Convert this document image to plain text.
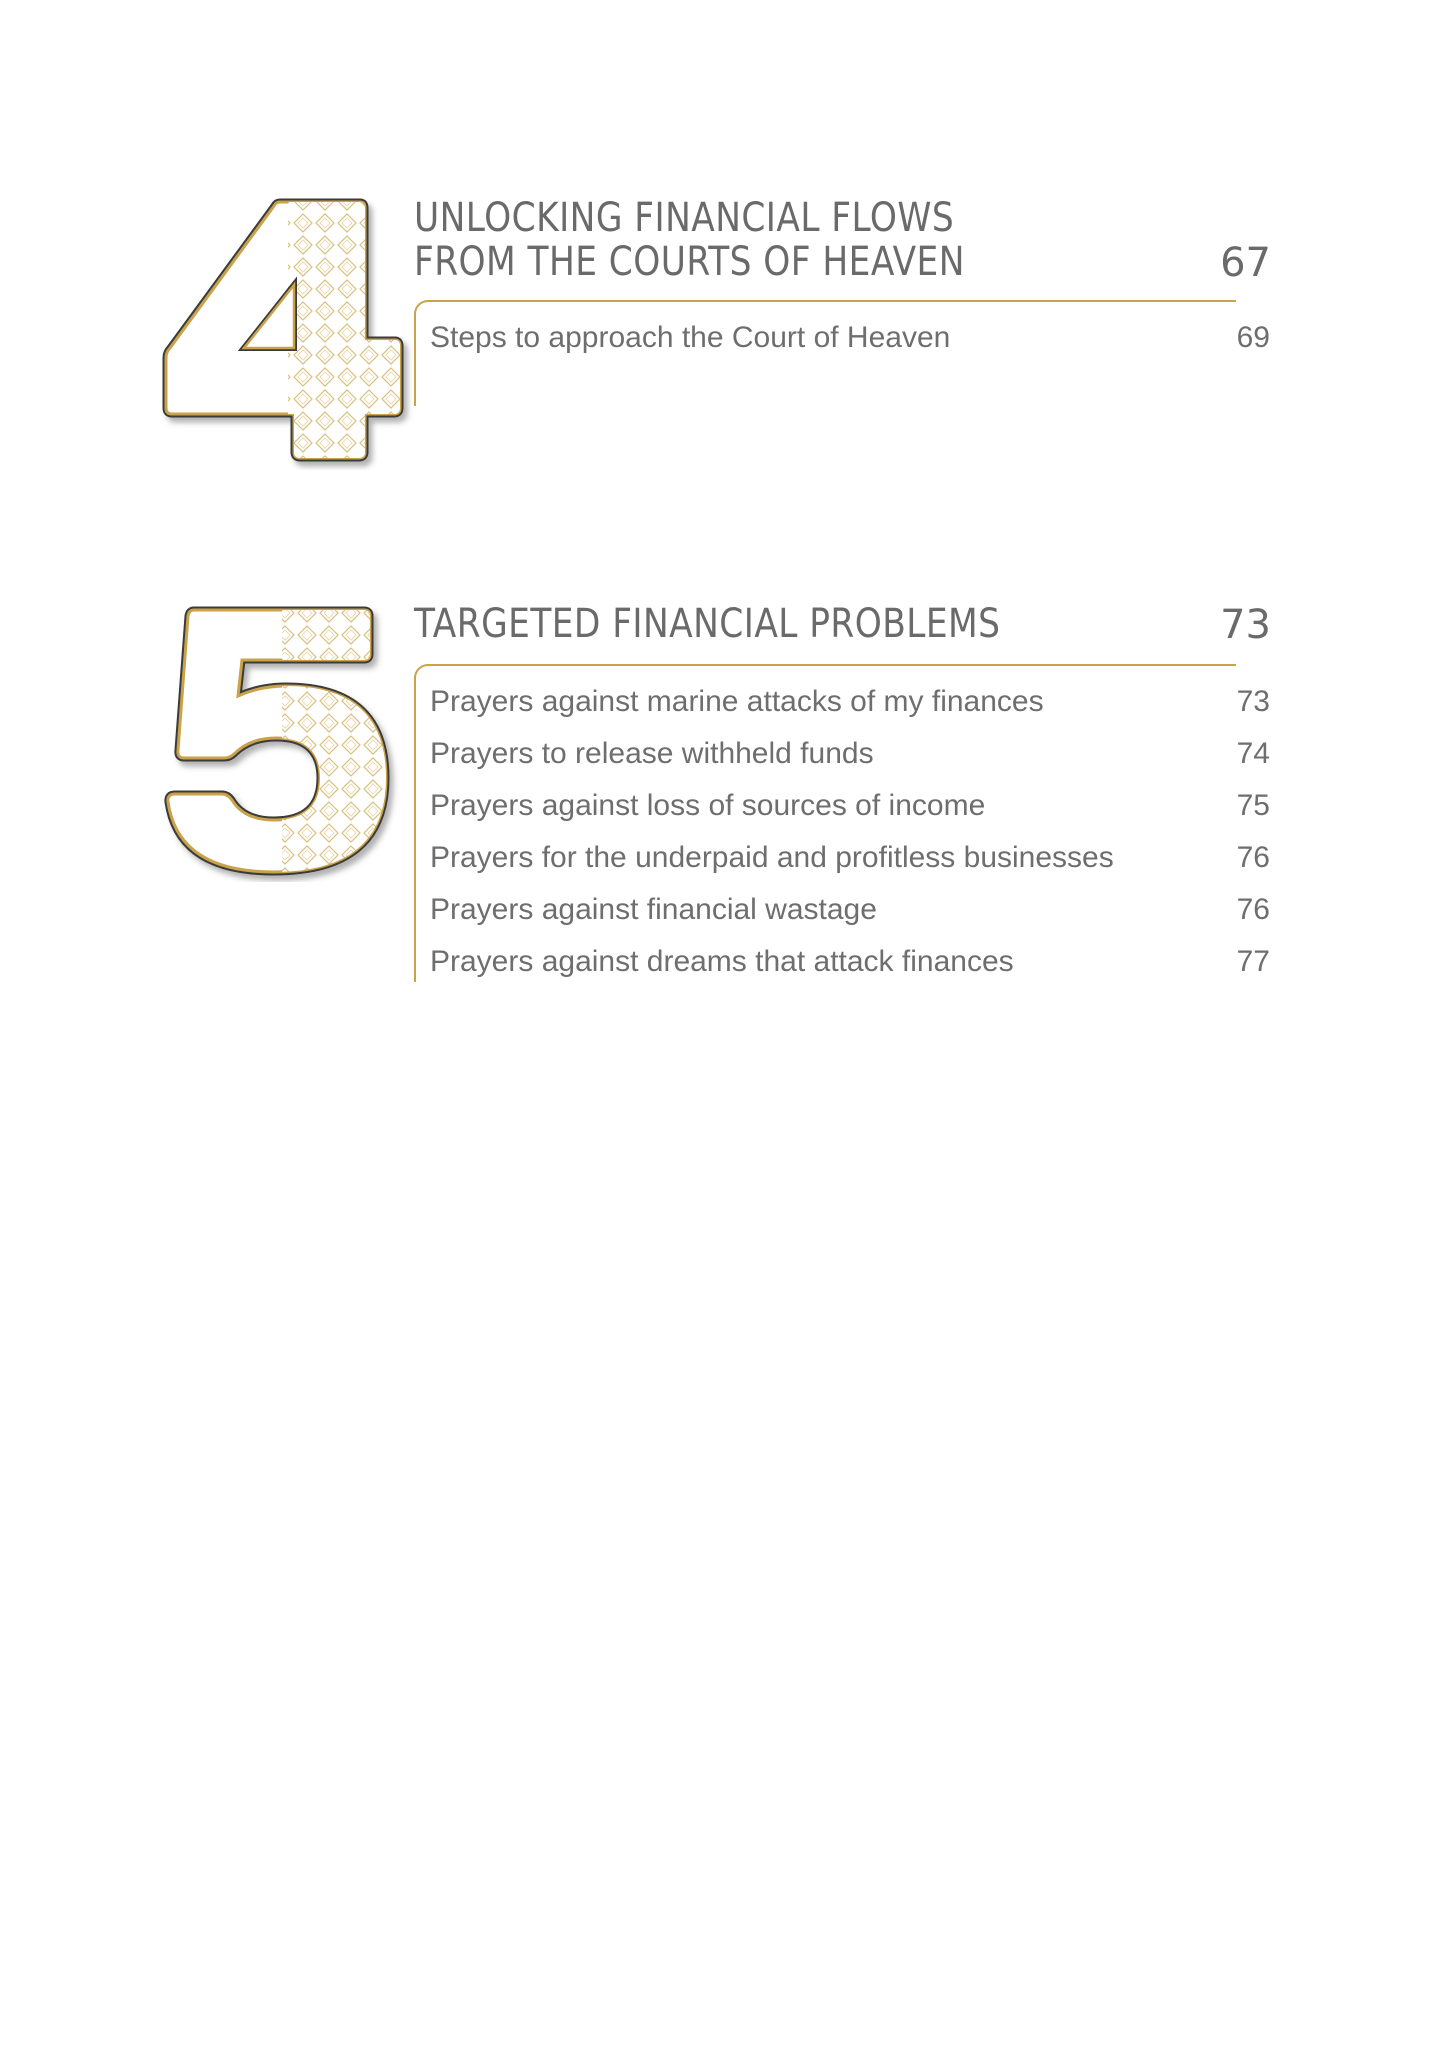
UNLOCKING FINANCIAL FLOWS
FROM THE COURTS OF HEAVEN	67
Steps to approach the Court of Heaven	69
TARGETED FINANCIAL PROBLEMS	73
Prayers against marine attacks of my finances	73
Prayers to release withheld funds	74
Prayers against loss of sources of income	75
Prayers for the underpaid and profitless businesses	76
Prayers against financial wastage	76
Prayers against dreams that attack finances	77
